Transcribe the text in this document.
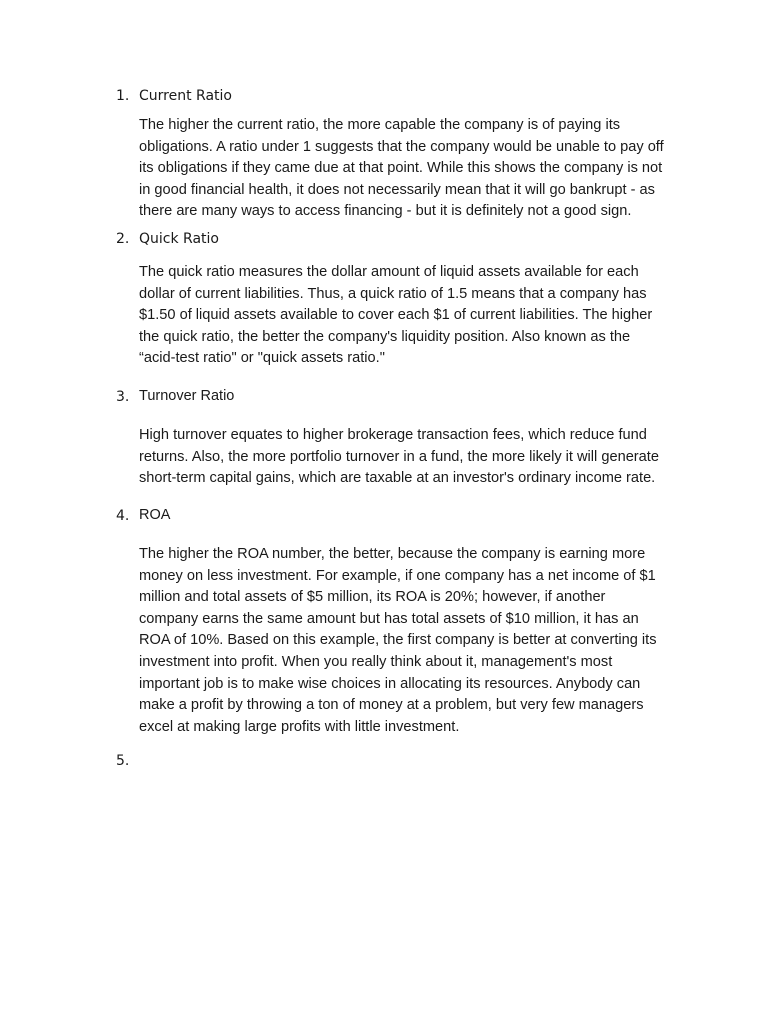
1. Current Ratio
The higher the current ratio, the more capable the company is of paying its
obligations. A ratio under 1 suggests that the company would be unable to pay off
its obligations if they came due at that point. While this shows the company is not
in good financial health, it does not necessarily mean that it will go bankrupt - as
there are many ways to access financing - but it is definitely not a good sign.
2. Quick Ratio
The quick ratio measures the dollar amount of liquid assets available for each
dollar of current liabilities. Thus, a quick ratio of 1.5 means that a company has
$1.50 of liquid assets available to cover each $1 of current liabilities. The higher
the quick ratio, the better the company's liquidity position. Also known as the
“acid-test ratio" or "quick assets ratio."
3. Turnover Ratio
High turnover equates to higher brokerage transaction fees, which reduce fund
returns. Also, the more portfolio turnover in a fund, the more likely it will generate
short-term capital gains, which are taxable at an investor's ordinary income rate.
4. ROA
The higher the ROA number, the better, because the company is earning more
money on less investment. For example, if one company has a net income of $1
million and total assets of $5 million, its ROA is 20%; however, if another
company earns the same amount but has total assets of $10 million, it has an
ROA of 10%. Based on this example, the first company is better at converting its
investment into profit. When you really think about it, management's most
important job is to make wise choices in allocating its resources. Anybody can
make a profit by throwing a ton of money at a problem, but very few managers
excel at making large profits with little investment.
5.
